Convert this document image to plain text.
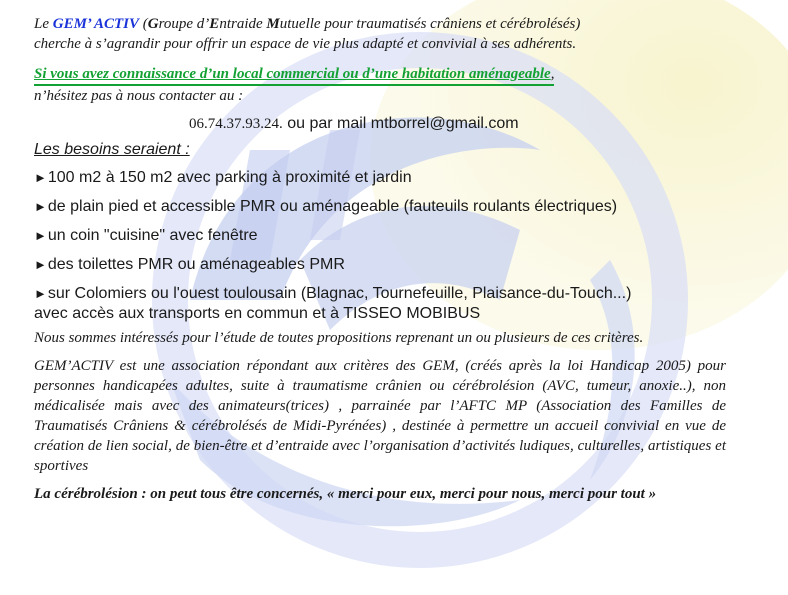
Le GEM’ ACTIV (Groupe d’Entraide Mutuelle pour traumatisés crâniens et cérébrolésés)
cherche à s’agrandir pour offrir un espace de vie plus adapté et convivial à ses adhérents.

Si vous avez connaissance d’un local commercial ou d’une habitation aménageable,
n’hésitez pas à nous contacter au :

06.74.37.93.24. ou par mail mtborrel@gmail.com

Les besoins seraient :

►100 m2 à 150 m2 avec parking à proximité et jardin

►de plain pied et accessible PMR ou aménageable (fauteuils roulants électriques)

►un coin "cuisine" avec fenêtre

►des toilettes PMR ou aménageables PMR

►sur Colomiers ou l'ouest toulousain (Blagnac, Tournefeuille, Plaisance-du-Touch...)
avec accès aux transports en commun et à TISSEO MOBIBUS

Nous sommes intéressés pour l’étude de toutes propositions reprenant un ou plusieurs de ces critères.

GEM’ACTIV est une association répondant aux critères des GEM, (créés après la loi Handicap 2005) pour personnes handicapées adultes, suite à traumatisme crânien ou cérébrolésion (AVC, tumeur, anoxie..), non médicalisée mais avec des animateurs(trices) , parrainée par l’AFTC MP (Association des Familles de Traumatisés Crâniens & cérébrolésés de Midi-Pyrénées) , destinée à permettre un accueil convivial en vue de création de lien social, de bien-être et d’entraide avec l’organisation d’activités ludiques, culturelles, artistiques et sportives

La cérébrolésion : on peut tous être concernés, « merci pour eux, merci pour nous, merci pour tout »
